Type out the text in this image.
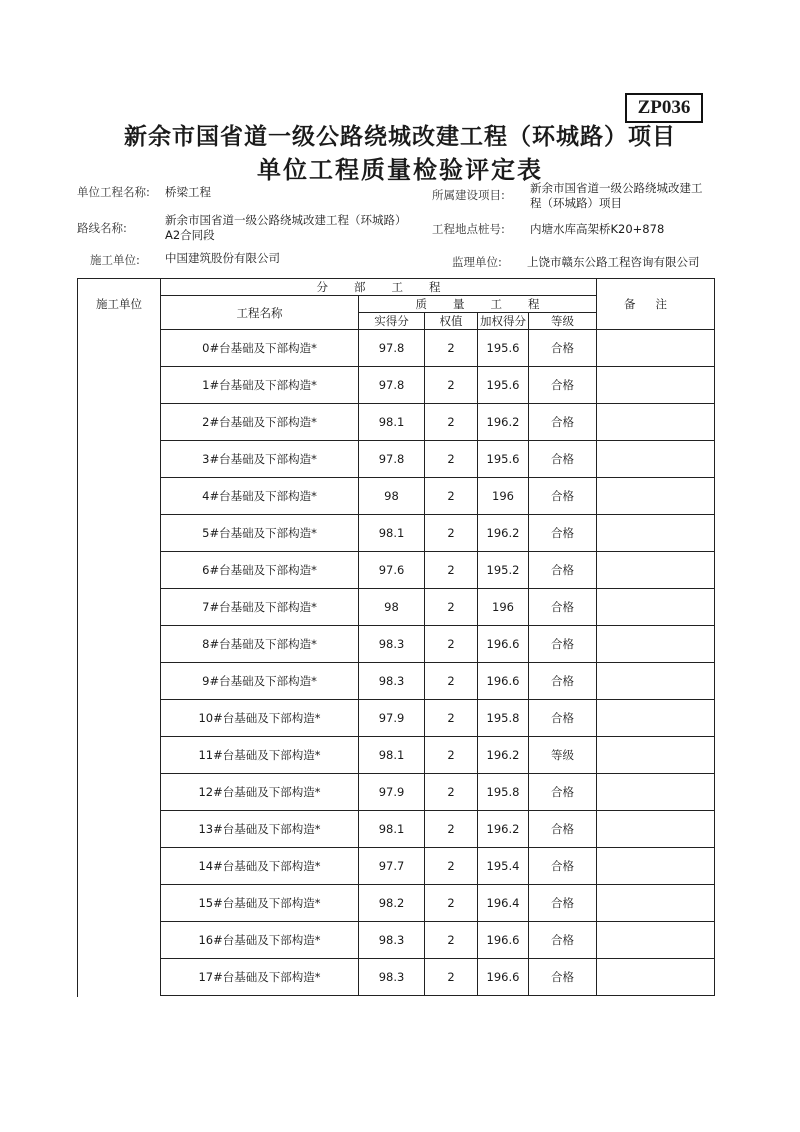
ZP036
新余市国省道一级公路绕城改建工程（环城路）项目
单位工程质量检验评定表
单位工程名称: 桥梁工程	所属建设项目: 新余市国省道一级公路绕城改建工
程（环城路）项目
路线名称:
新余市国省道一级公路绕城改建工程（环城路）
A2合同段	工程地点桩号: 内塘水库高架桥K20+878
施工单位: 中国建筑股份有限公司	监理单位: 上饶市赣东公路工程咨询有限公司
施工单位	分部工程					备注
	工程名称	质量工程				
		实得分	权值	加权得分	等级	
	0#台基础及下部构造*	97.8	2	195.6	合格	
	1#台基础及下部构造*	97.8	2	195.6	合格	
	2#台基础及下部构造*	98.1	2	196.2	合格	
	3#台基础及下部构造*	97.8	2	195.6	合格	
	4#台基础及下部构造*	98	2	196	合格	
	5#台基础及下部构造*	98.1	2	196.2	合格	
	6#台基础及下部构造*	97.6	2	195.2	合格	
	7#台基础及下部构造*	98	2	196	合格	
	8#台基础及下部构造*	98.3	2	196.6	合格	
	9#台基础及下部构造*	98.3	2	196.6	合格	
	10#台基础及下部构造*	97.9	2	195.8	合格	
	11#台基础及下部构造*	98.1	2	196.2	等级	
	12#台基础及下部构造*	97.9	2	195.8	合格	
	13#台基础及下部构造*	98.1	2	196.2	合格	
	14#台基础及下部构造*	97.7	2	195.4	合格	
	15#台基础及下部构造*	98.2	2	196.4	合格	
	16#台基础及下部构造*	98.3	2	196.6	合格	
	17#台基础及下部构造*	98.3	2	196.6	合格	
